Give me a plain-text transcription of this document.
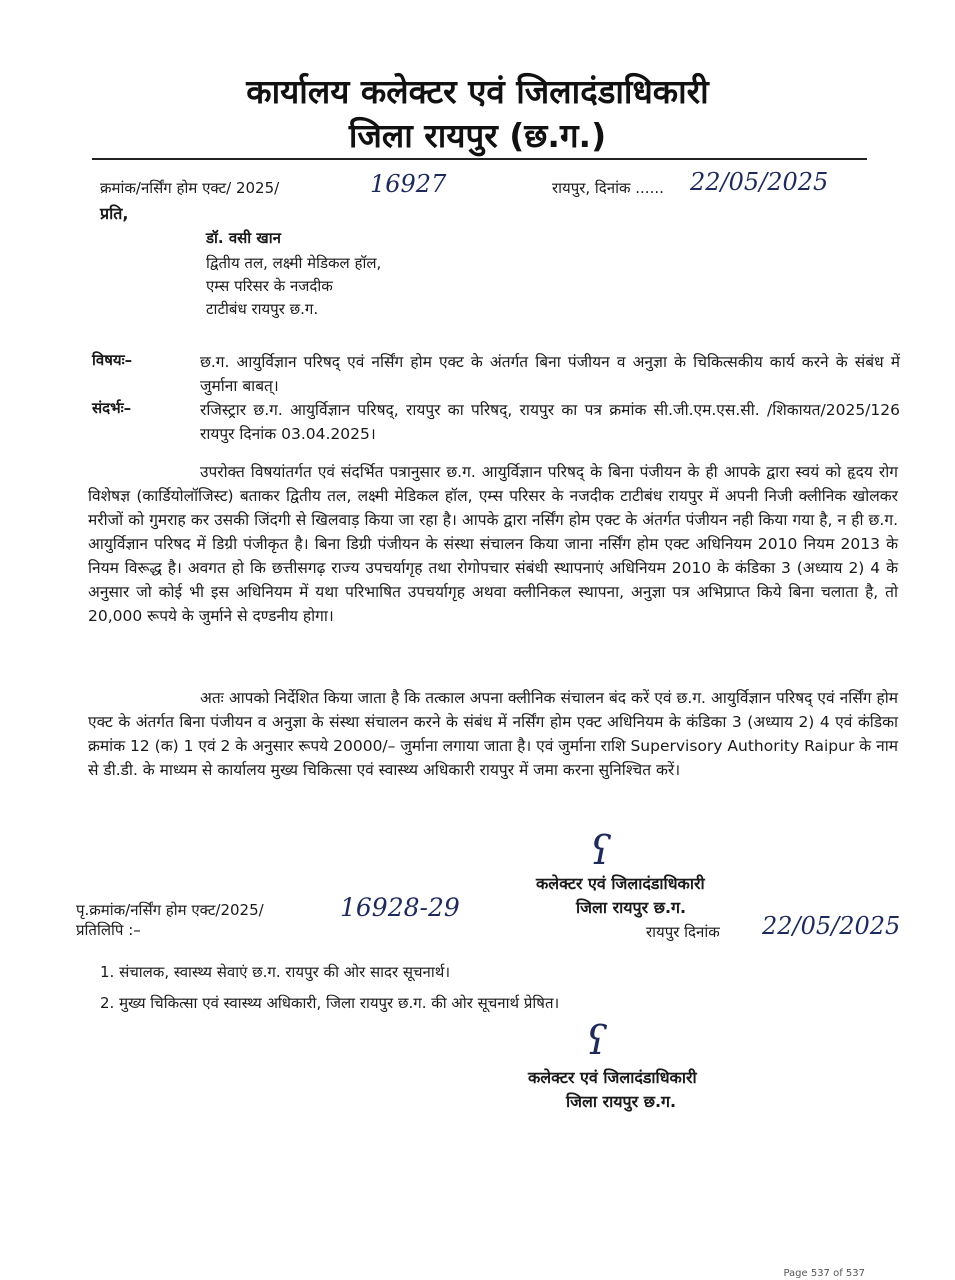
कार्यालय कलेक्टर एवं जिलादंडाधिकारी
जिला रायपुर (छ.ग.)
क्रमांक/नर्सिंग होम एक्ट/ 2025/	16927	रायपुर, दिनांक ...... 22/05/2025
प्रति,
डॉ. वसी खान
द्वितीय तल, लक्ष्मी मेडिकल हॉल,
एम्स परिसर के नजदीक
टाटीबंध रायपुर छ.ग.
विषयः–	छ.ग. आयुर्विज्ञान परिषद् एवं नर्सिंग होम एक्ट के अंतर्गत बिना पंजीयन व अनुज्ञा के चिकित्सकीय कार्य करने के संबंध में जुर्माना बाबत्।
संदर्भः–	रजिस्ट्रार छ.ग. आयुर्विज्ञान परिषद्, रायपुर का परिषद्, रायपुर का पत्र क्रमांक सी.जी.एम.एस.सी. /शिकायत/2025/126 रायपुर दिनांक 03.04.2025।
उपरोक्त विषयांतर्गत एवं संदर्भित पत्रानुसार छ.ग. आयुर्विज्ञान परिषद् के बिना पंजीयन के ही आपके द्वारा स्वयं को हृदय रोग विशेषज्ञ (कार्डियोलॉजिस्ट) बताकर द्वितीय तल, लक्ष्मी मेडिकल हॉल, एम्स परिसर के नजदीक टाटीबंध रायपुर में अपनी निजी क्लीनिक खोलकर मरीजों को गुमराह कर उसकी जिंदगी से खिलवाड़ किया जा रहा है। आपके द्वारा नर्सिंग होम एक्ट के अंतर्गत पंजीयन नही किया गया है, न ही छ.ग. आयुर्विज्ञान परिषद में डिग्री पंजीकृत है। बिना डिग्री पंजीयन के संस्था संचालन किया जाना नर्सिंग होम एक्ट अधिनियम 2010 नियम 2013 के नियम विरूद्ध है। अवगत हो कि छत्तीसगढ़ राज्य उपचर्यागृह तथा रोगोपचार संबंधी स्थापनाएं अधिनियम 2010 के कंडिका 3 (अध्याय 2) 4 के अनुसार जो कोई भी इस अधिनियम में यथा परिभाषित उपचर्यागृह अथवा क्लीनिकल स्थापना, अनुज्ञा पत्र अभिप्राप्त किये बिना चलाता है, तो 20,000 रूपये के जुर्माने से दण्डनीय होगा।
अतः आपको निर्देशित किया जाता है कि तत्काल अपना क्लीनिक संचालन बंद करें एवं छ.ग. आयुर्विज्ञान परिषद् एवं नर्सिंग होम एक्ट के अंतर्गत बिना पंजीयन व अनुज्ञा के संस्था संचालन करने के संबंध में नर्सिंग होम एक्ट अधिनियम के कंडिका 3 (अध्याय 2) 4 एवं कंडिका क्रमांक 12 (क) 1 एवं 2 के अनुसार रूपये 20000/– जुर्माना लगाया जाता है। एवं जुर्माना राशि Supervisory Authority Raipur के नाम से डी.डी. के माध्यम से कार्यालय मुख्य चिकित्सा एवं स्वास्थ्य अधिकारी रायपुर में जमा करना सुनिश्चित करें।
ʕ
कलेक्टर एवं जिलादंडाधिकारी
जिला रायपुर छ.ग.
पृ.क्रमांक/नर्सिंग होम एक्ट/2025/	16928-29
प्रतिलिपि :–	रायपुर दिनांक 22/05/2025
1. संचालक, स्वास्थ्य सेवाएं छ.ग. रायपुर की ओर सादर सूचनार्थ।
2. मुख्य चिकित्सा एवं स्वास्थ्य अधिकारी, जिला रायपुर छ.ग. की ओर सूचनार्थ प्रेषित।
ʕ
कलेक्टर एवं जिलादंडाधिकारी
जिला रायपुर छ.ग.
Page 537 of 537
